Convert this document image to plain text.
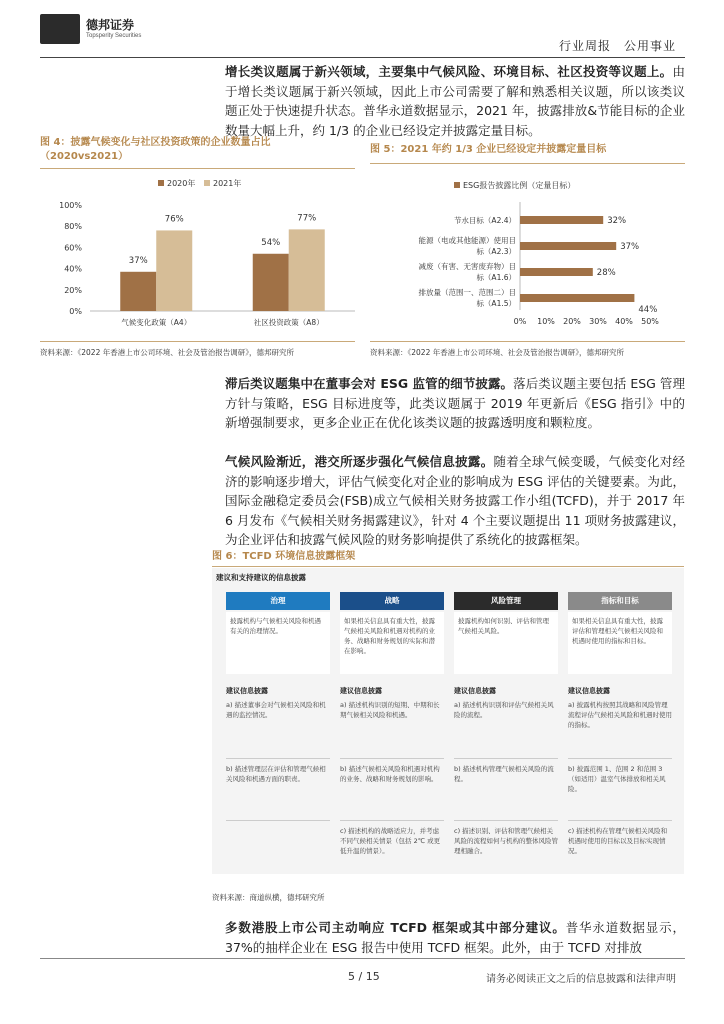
德邦证券
Topsperity Securities
行业周报　公用事业
增长类议题属于新兴领域，主要集中气候风险、环境目标、社区投资等议题上。由于增长类议题属于新兴领域，因此上市公司需要了解和熟悉相关议题，所以该类议题正处于快速提升状态。普华永道数据显示，2021 年，披露排放&节能目标的企业数量大幅上升，约 1/3 的企业已经设定并披露定量目标。
图 4：披露气候变化与社区投资政策的企业数量占比（2020vs2021）
2020年 2021年
0%
20%
40%
60%
80%
100%
37%
76%
气候变化政策（A4）
54%
77%
社区投资政策（A8）
资料来源：《2022 年香港上市公司环境、社会及管治报告调研》，德邦研究所
图 5：2021 年约 1/3 企业已经设定并披露定量目标
ESG报告披露比例（定量目标）
32%
节水目标（A2.4）
37%
能源（电或其他能源）使用目
标（A2.3）
28%
减废（有害、无害废弃物）目
标（A1.6）
44%
排放量（范围一、范围二）目
标（A1.5）
0% 10% 20% 30% 40% 50%
资料来源：《2022 年香港上市公司环境、社会及管治报告调研》，德邦研究所
滞后类议题集中在董事会对 ESG 监管的细节披露。落后类议题主要包括 ESG 管理方针与策略，ESG 目标进度等，此类议题属于 2019 年更新后《ESG 指引》中的新增强制要求，更多企业正在优化该类议题的披露透明度和颗粒度。
气候风险渐近，港交所逐步强化气候信息披露。随着全球气候变暖，气候变化对经济的影响逐步增大，评估气候变化对企业的影响成为 ESG 评估的关键要素。为此，国际金融稳定委员会(FSB)成立气候相关财务披露工作小组(TCFD)，并于 2017 年 6 月发布《气候相关财务揭露建议》，针对 4 个主要议题提出 11 项财务披露建议，为企业评估和披露气候风险的财务影响提供了系统化的披露框架。
图 6：TCFD 环境信息披露框架
建议和支持建议的信息披露
治理
披露机构与气候相关风险和机遇有关的治理情况。
建议信息披露
a) 描述董事会对气候相关风险和机遇的监控情况。
b) 描述管理层在评估和管理气候相关风险和机遇方面的职责。
战略
如果相关信息具有重大性，披露气候相关风险和机遇对机构的业务、战略和财务规划的实际和潜在影响。
建议信息披露
a) 描述机构识别的短期、中期和长期气候相关风险和机遇。
b) 描述气候相关风险和机遇对机构的业务、战略和财务规划的影响。
c) 描述机构的战略适应力，并考虑不同气候相关情景（包括 2℃ 或更低升温的情景）。
风险管理
披露机构如何识别、评估和管理气候相关风险。
建议信息披露
a) 描述机构识别和评估气候相关风险的流程。
b) 描述机构管理气候相关风险的流程。
c) 描述识别、评估和管理气候相关风险的流程如何与机构的整体风险管理相融合。
指标和目标
如果相关信息具有重大性，披露评估和管理相关气候相关风险和机遇时使用的指标和目标。
建议信息披露
a) 披露机构按照其战略和风险管理流程评估气候相关风险和机遇时使用的指标。
b) 披露范围 1、范围 2 和范围 3（如适用）温室气体排放和相关风险。
c) 描述机构在管理气候相关风险和机遇时使用的目标以及目标实现情况。
资料来源：商道纵横，德邦研究所
多数港股上市公司主动响应 TCFD 框架或其中部分建议。普华永道数据显示，37%的抽样企业在 ESG 报告中使用 TCFD 框架。此外，由于 TCFD 对排放
5 / 15	请务必阅读正文之后的信息披露和法律声明
